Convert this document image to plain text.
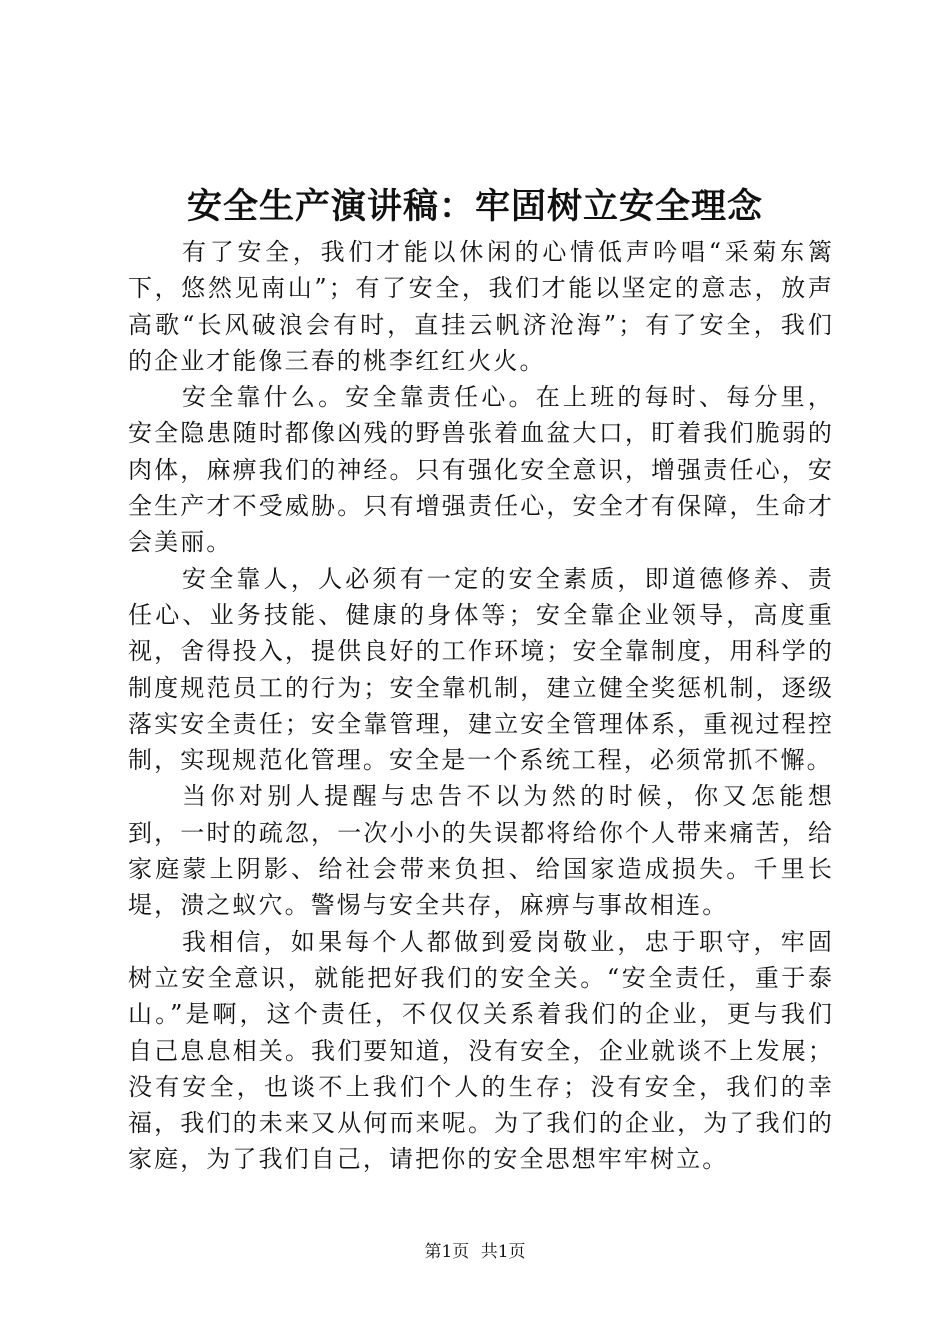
安全生产演讲稿：牢固树立安全理念

有了安全，我们才能以休闲的心情低声吟唱“采菊东篱下，悠然见南山”；有了安全，我们才能以坚定的意志，放声高歌“长风破浪会有时，直挂云帆济沧海”；有了安全，我们的企业才能像三春的桃李红红火火。

安全靠什么。安全靠责任心。在上班的每时、每分里，安全隐患随时都像凶残的野兽张着血盆大口，盯着我们脆弱的肉体，麻痹我们的神经。只有强化安全意识，增强责任心，安全生产才不受威胁。只有增强责任心，安全才有保障，生命才会美丽。

安全靠人，人必须有一定的安全素质，即道德修养、责任心、业务技能、健康的身体等；安全靠企业领导，高度重视，舍得投入，提供良好的工作环境；安全靠制度，用科学的制度规范员工的行为；安全靠机制，建立健全奖惩机制，逐级落实安全责任；安全靠管理，建立安全管理体系，重视过程控制，实现规范化管理。安全是一个系统工程，必须常抓不懈。

当你对别人提醒与忠告不以为然的时候，你又怎能想到，一时的疏忽，一次小小的失误都将给你个人带来痛苦，给家庭蒙上阴影、给社会带来负担、给国家造成损失。千里长堤，溃之蚁穴。警惕与安全共存，麻痹与事故相连。

我相信，如果每个人都做到爱岗敬业，忠于职守，牢固树立安全意识，就能把好我们的安全关。“安全责任，重于泰山。”是啊，这个责任，不仅仅关系着我们的企业，更与我们自己息息相关。我们要知道，没有安全，企业就谈不上发展；没有安全，也谈不上我们个人的生存；没有安全，我们的幸福，我们的未来又从何而来呢。为了我们的企业，为了我们的家庭，为了我们自己，请把你的安全思想牢牢树立。

第1页 共1页
